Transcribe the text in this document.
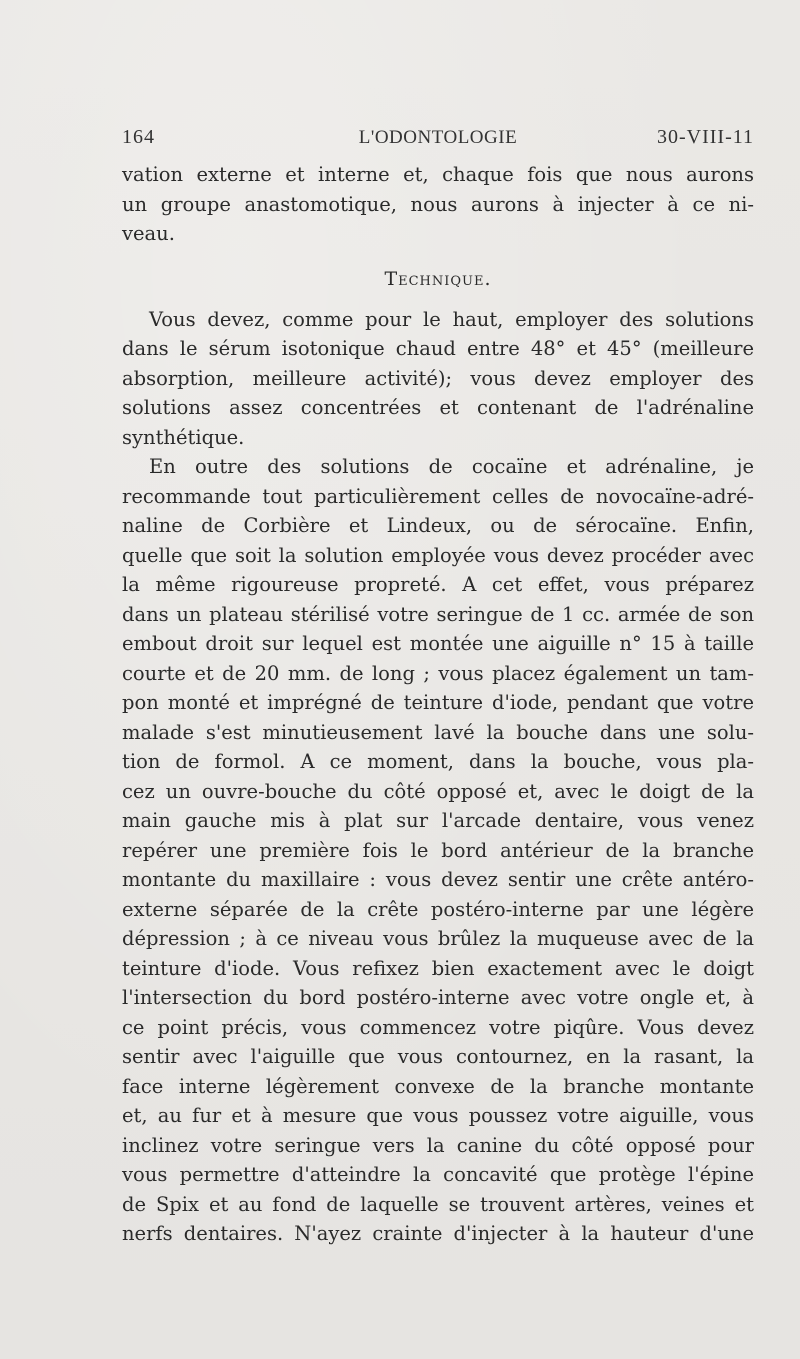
164	L'ODONTOLOGIE	30-VIII-11
vation externe et interne et, chaque fois que nous aurons
un groupe anastomotique, nous aurons à injecter à ce ni-
veau.
Technique.
Vous devez, comme pour le haut, employer des solutions
dans le sérum isotonique chaud entre 48° et 45° (meilleure
absorption, meilleure activité); vous devez employer des
solutions assez concentrées et contenant de l'adrénaline
synthétique.
En outre des solutions de cocaïne et adrénaline, je
recommande tout particulièrement celles de novocaïne-adré-
naline de Corbière et Lindeux, ou de sérocaïne. Enfin,
quelle que soit la solution employée vous devez procéder avec
la même rigoureuse propreté. A cet effet, vous préparez
dans un plateau stérilisé votre seringue de 1 cc. armée de son
embout droit sur lequel est montée une aiguille n° 15 à taille
courte et de 20 mm. de long ; vous placez également un tam-
pon monté et imprégné de teinture d'iode, pendant que votre
malade s'est minutieusement lavé la bouche dans une solu-
tion de formol. A ce moment, dans la bouche, vous pla-
cez un ouvre-bouche du côté opposé et, avec le doigt de la
main gauche mis à plat sur l'arcade dentaire, vous venez
repérer une première fois le bord antérieur de la branche
montante du maxillaire : vous devez sentir une crête antéro-
externe séparée de la crête postéro-interne par une légère
dépression ; à ce niveau vous brûlez la muqueuse avec de la
teinture d'iode. Vous refixez bien exactement avec le doigt
l'intersection du bord postéro-interne avec votre ongle et, à
ce point précis, vous commencez votre piqûre. Vous devez
sentir avec l'aiguille que vous contournez, en la rasant, la
face interne légèrement convexe de la branche montante
et, au fur et à mesure que vous poussez votre aiguille, vous
inclinez votre seringue vers la canine du côté opposé pour
vous permettre d'atteindre la concavité que protège l'épine
de Spix et au fond de laquelle se trouvent artères, veines et
nerfs dentaires. N'ayez crainte d'injecter à la hauteur d'une
